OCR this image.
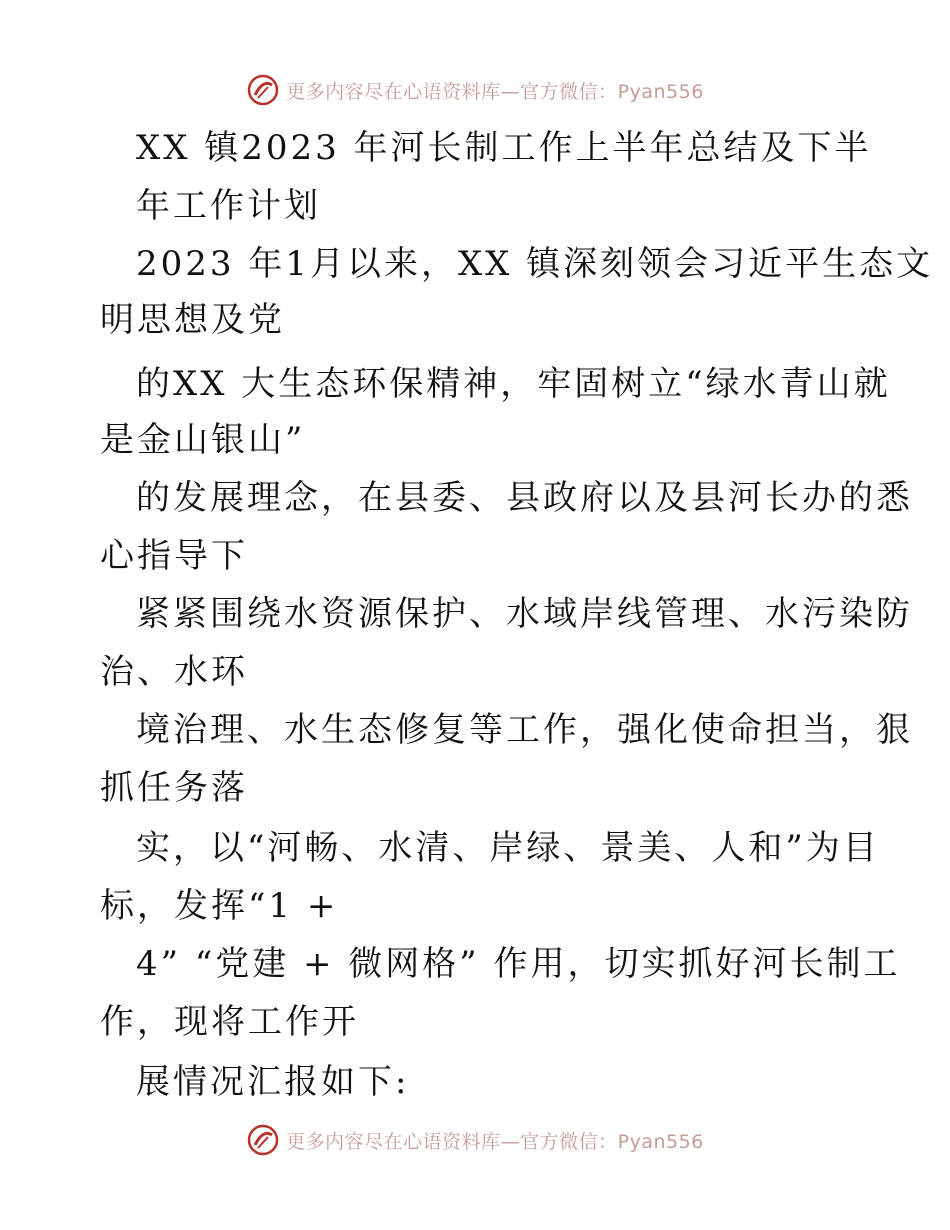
更多内容尽在心语资料库—官方微信：Pyan556
XX 镇2023 年河长制工作上半年总结及下半
年工作计划
2023 年1月以来，XX 镇深刻领会习近平生态文
明思想及党
的XX 大生态环保精神，牢固树立“绿水青山就
是金山银山”
的发展理念，在县委、县政府以及县河长办的悉
心指导下
紧紧围绕水资源保护、水域岸线管理、水污染防
治、水环
境治理、水生态修复等工作，强化使命担当，狠
抓任务落
实，以“河畅、水清、岸绿、景美、人和”为目
标，发挥“1 +
4” “党建 + 微网格” 作用，切实抓好河长制工
作，现将工作开
展情况汇报如下:
更多内容尽在心语资料库—官方微信：Pyan556
